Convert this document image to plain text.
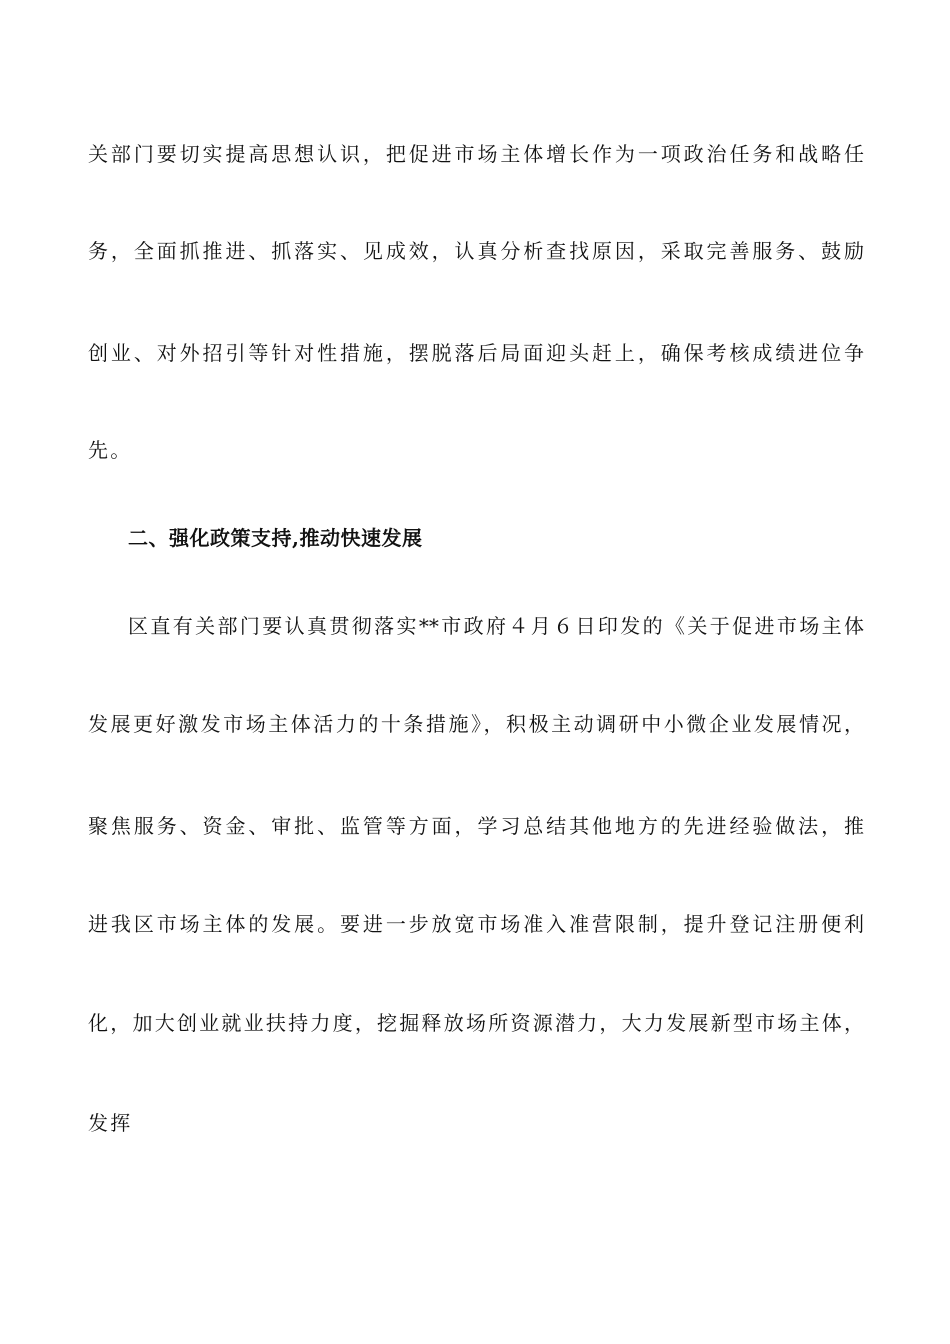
关部门要切实提高思想认识，把促进市场主体增长作为一项政治任务和战略任
务，全面抓推进、抓落实、见成效，认真分析查找原因，采取完善服务、鼓励
创业、对外招引等针对性措施，摆脱落后局面迎头赶上，确保考核成绩进位争
先。
二、强化政策支持,推动快速发展
区直有关部门要认真贯彻落实**市政府４月６日印发的《关于促进市场主体
发展更好激发市场主体活力的十条措施》，积极主动调研中小微企业发展情况，
聚焦服务、资金、审批、监管等方面，学习总结其他地方的先进经验做法，推
进我区市场主体的发展。要进一步放宽市场准入准营限制，提升登记注册便利
化，加大创业就业扶持力度，挖掘释放场所资源潜力，大力发展新型市场主体，
发挥
